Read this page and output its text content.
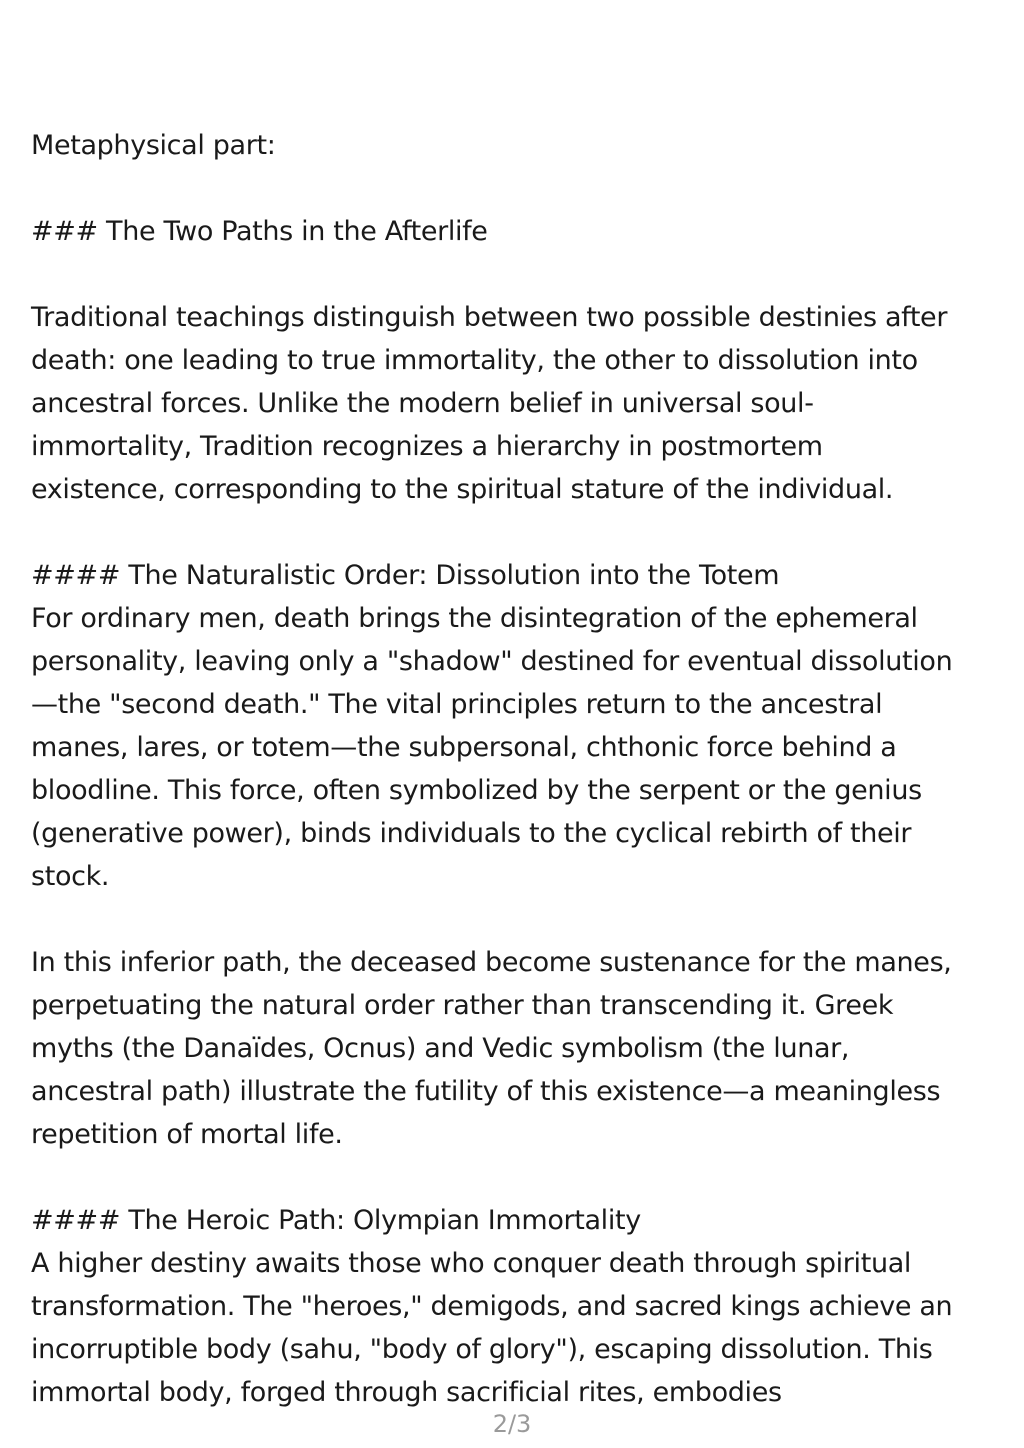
Metaphysical part:
### The Two Paths in the Afterlife
Traditional teachings distinguish between two possible destinies after
death: one leading to true immortality, the other to dissolution into
ancestral forces. Unlike the modern belief in universal soul-
immortality, Tradition recognizes a hierarchy in postmortem
existence, corresponding to the spiritual stature of the individual.
#### The Naturalistic Order: Dissolution into the Totem
For ordinary men, death brings the disintegration of the ephemeral
personality, leaving only a "shadow" destined for eventual dissolution
—the "second death." The vital principles return to the ancestral
manes, lares, or totem—the subpersonal, chthonic force behind a
bloodline. This force, often symbolized by the serpent or the genius
(generative power), binds individuals to the cyclical rebirth of their
stock.
In this inferior path, the deceased become sustenance for the manes,
perpetuating the natural order rather than transcending it. Greek
myths (the Danaïdes, Ocnus) and Vedic symbolism (the lunar,
ancestral path) illustrate the futility of this existence—a meaningless
repetition of mortal life.
#### The Heroic Path: Olympian Immortality
A higher destiny awaits those who conquer death through spiritual
transformation. The "heroes," demigods, and sacred kings achieve an
incorruptible body (sahu, "body of glory"), escaping dissolution. This
immortal body, forged through sacrificial rites, embodies
2/3
